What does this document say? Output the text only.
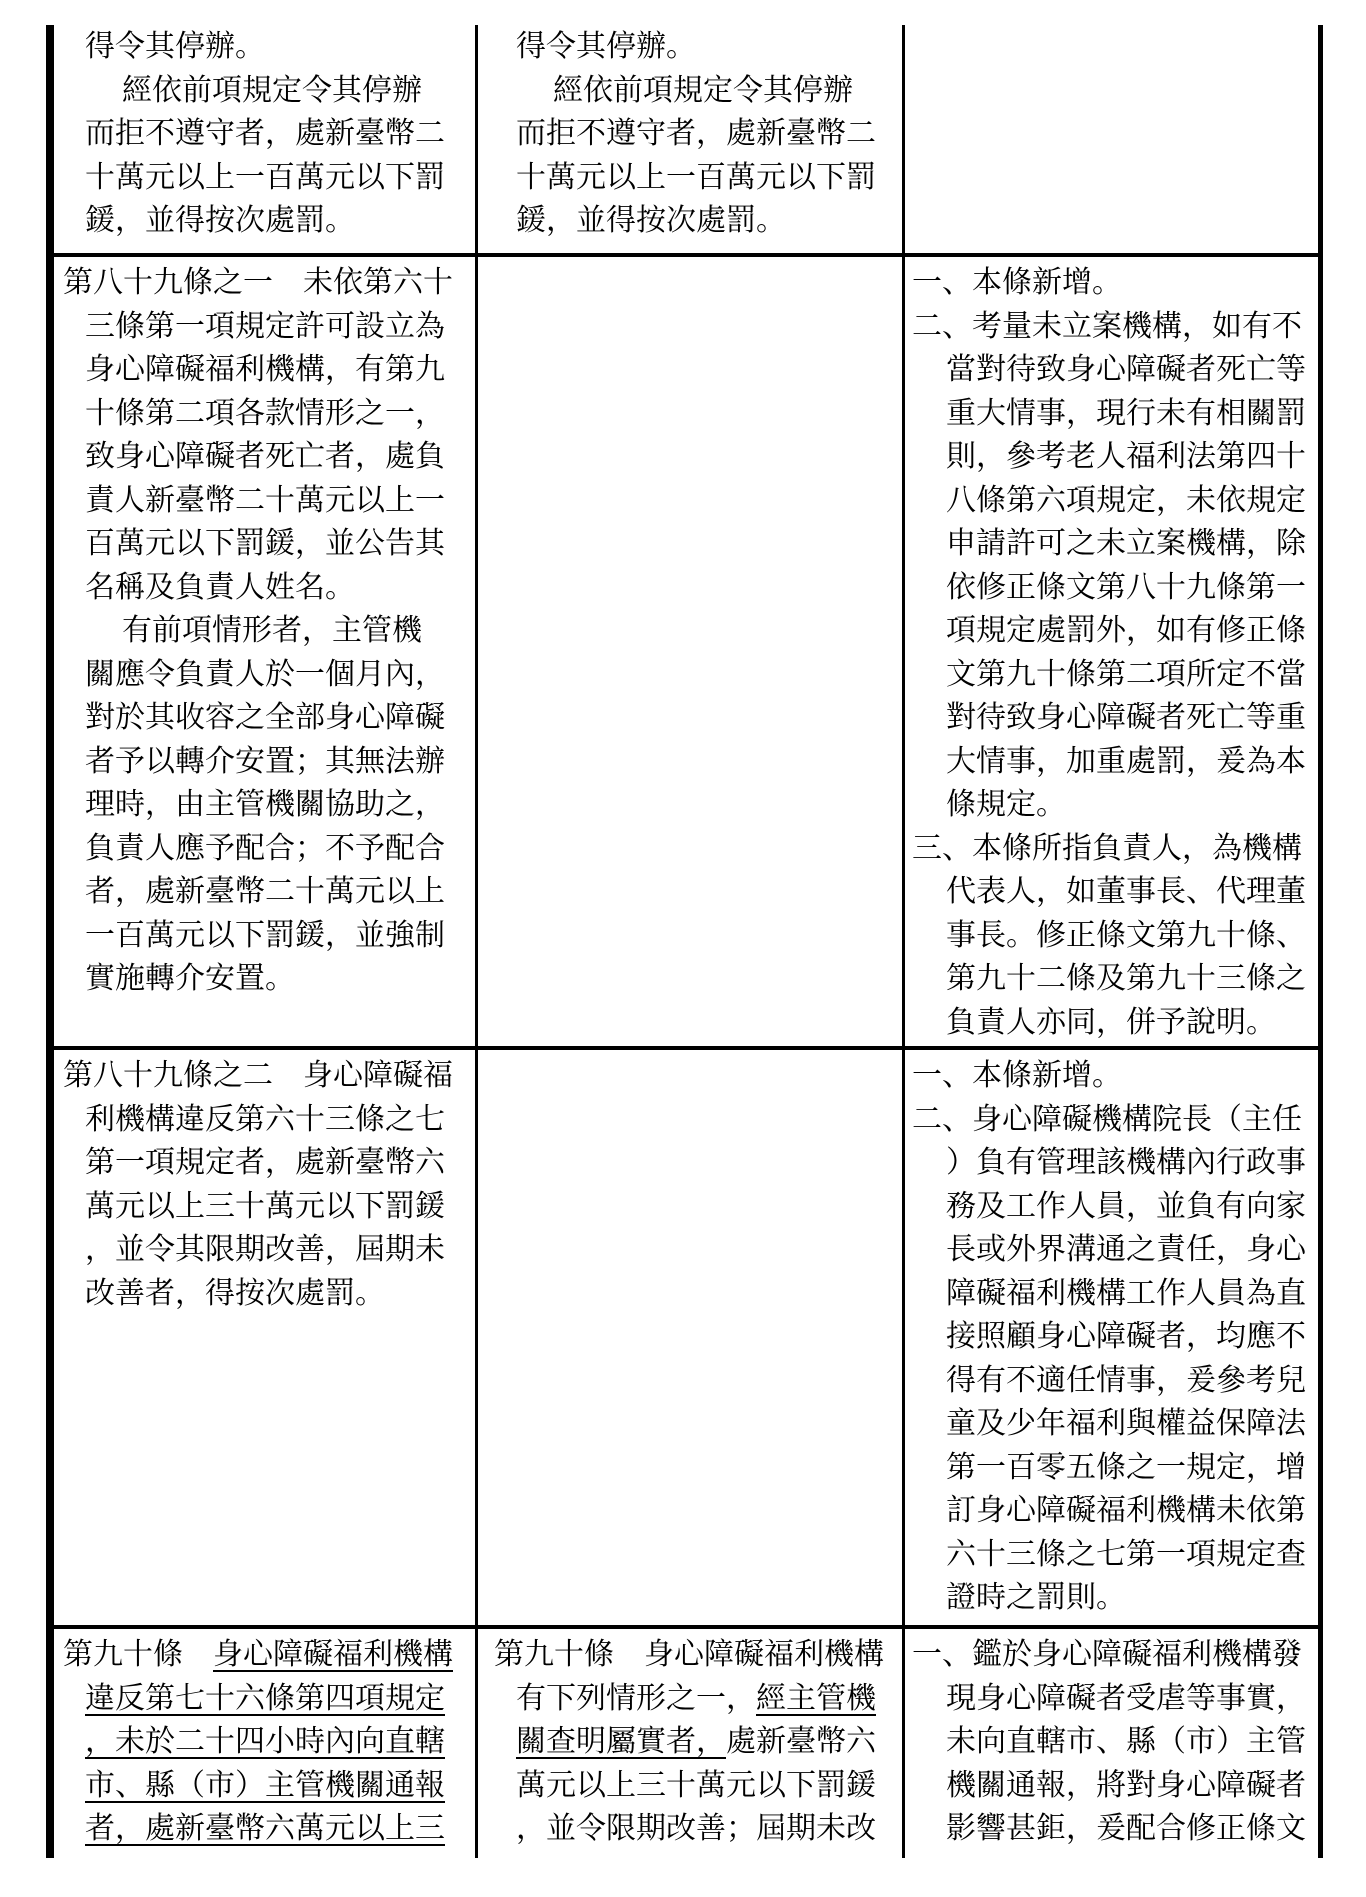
得令其停辦。
經依前項規定令其停辦
而拒不遵守者，處新臺幣二
十萬元以上一百萬元以下罰
鍰，並得按次處罰。
得令其停辦。
經依前項規定令其停辦
而拒不遵守者，處新臺幣二
十萬元以上一百萬元以下罰
鍰，並得按次處罰。
第八十九條之一　未依第六十
三條第一項規定許可設立為
身心障礙福利機構，有第九
十條第二項各款情形之一，
致身心障礙者死亡者，處負
責人新臺幣二十萬元以上一
百萬元以下罰鍰，並公告其
名稱及負責人姓名。
有前項情形者，主管機
關應令負責人於一個月內，
對於其收容之全部身心障礙
者予以轉介安置；其無法辦
理時，由主管機關協助之，
負責人應予配合；不予配合
者，處新臺幣二十萬元以上
一百萬元以下罰鍰，並強制
實施轉介安置。
一、本條新增。
二、考量未立案機構，如有不
當對待致身心障礙者死亡等
重大情事，現行未有相關罰
則，參考老人福利法第四十
八條第六項規定，未依規定
申請許可之未立案機構，除
依修正條文第八十九條第一
項規定處罰外，如有修正條
文第九十條第二項所定不當
對待致身心障礙者死亡等重
大情事，加重處罰，爰為本
條規定。
三、本條所指負責人，為機構
代表人，如董事長、代理董
事長。修正條文第九十條、
第九十二條及第九十三條之
負責人亦同，併予說明。
第八十九條之二　身心障礙福
利機構違反第六十三條之七
第一項規定者，處新臺幣六
萬元以上三十萬元以下罰鍰
，並令其限期改善，屆期未
改善者，得按次處罰。
一、本條新增。
二、身心障礙機構院長（主任
）負有管理該機構內行政事
務及工作人員，並負有向家
長或外界溝通之責任，身心
障礙福利機構工作人員為直
接照顧身心障礙者，均應不
得有不適任情事，爰參考兒
童及少年福利與權益保障法
第一百零五條之一規定，增
訂身心障礙福利機構未依第
六十三條之七第一項規定查
證時之罰則。
第九十條　身心障礙福利機構
違反第七十六條第四項規定
，未於二十四小時內向直轄
市、縣（市）主管機關通報
者，處新臺幣六萬元以上三
第九十條　身心障礙福利機構
有下列情形之一，經主管機
關查明屬實者，處新臺幣六
萬元以上三十萬元以下罰鍰
，並令限期改善；屆期未改
一、鑑於身心障礙福利機構發
現身心障礙者受虐等事實，
未向直轄市、縣（市）主管
機關通報，將對身心障礙者
影響甚鉅，爰配合修正條文
